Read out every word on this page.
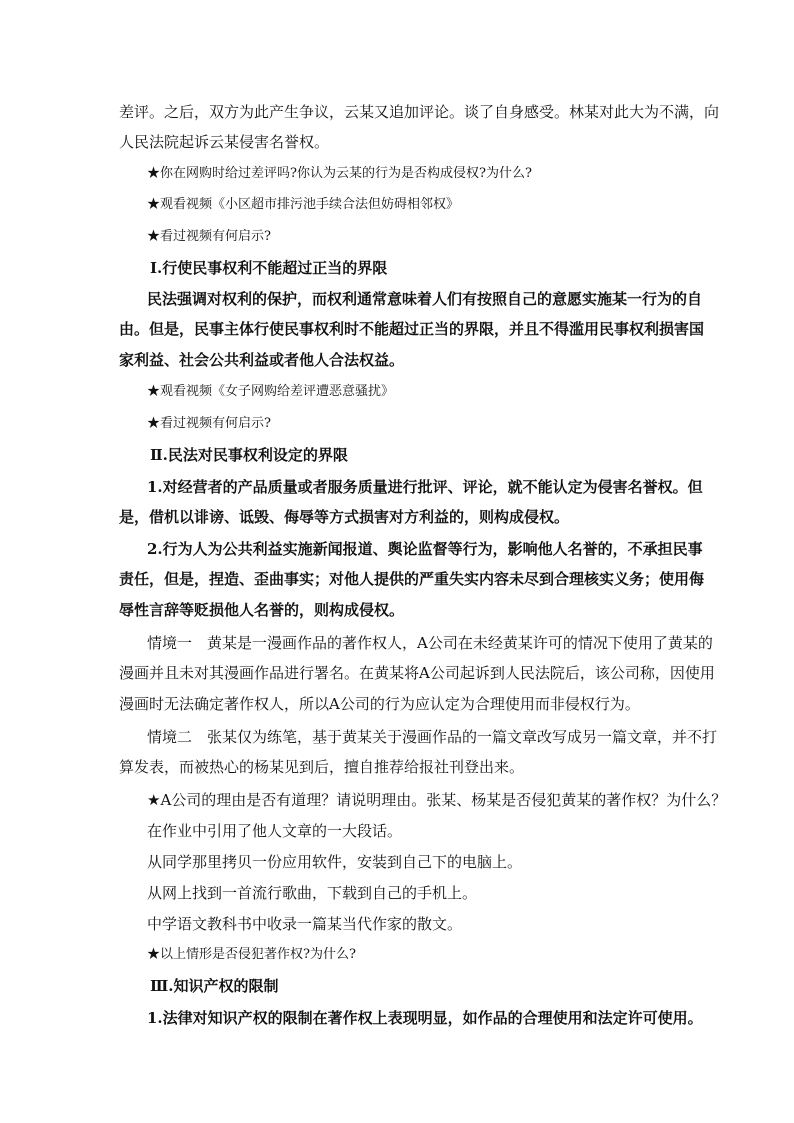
差评。之后，双方为此产生争议，云某又追加评论。谈了自身感受。林某对此大为不满，向
人民法院起诉云某侵害名誉权。
★你在网购时给过差评吗?你认为云某的行为是否构成侵权?为什么?
★观看视频《小区超市排污池手续合法但妨碍相邻权》
★看过视频有何启示?
Ⅰ.行使民事权利不能超过正当的界限
民法强调对权利的保护，而权利通常意味着人们有按照自己的意愿实施某一行为的自
由。但是，民事主体行使民事权利时不能超过正当的界限，并且不得滥用民事权利损害国
家利益、社会公共利益或者他人合法权益。
★观看视频《女子网购给差评遭恶意骚扰》
★看过视频有何启示?
Ⅱ.民法对民事权利设定的界限
1.对经营者的产品质量或者服务质量进行批评、评论，就不能认定为侵害名誉权。但
是，借机以诽谤、诋毁、侮辱等方式损害对方利益的，则构成侵权。
2.行为人为公共利益实施新闻报道、舆论监督等行为，影响他人名誉的，不承担民事
责任，但是，捏造、歪曲事实；对他人提供的严重失实内容未尽到合理核实义务；使用侮
辱性言辞等贬损他人名誉的，则构成侵权。
情境一　黄某是一漫画作品的著作权人，A公司在未经黄某许可的情况下使用了黄某的
漫画并且未对其漫画作品进行署名。在黄某将A公司起诉到人民法院后，该公司称，因使用
漫画时无法确定著作权人，所以A公司的行为应认定为合理使用而非侵权行为。
情境二　张某仅为练笔，基于黄某关于漫画作品的一篇文章改写成另一篇文章，并不打
算发表，而被热心的杨某见到后，擅自推荐给报社刊登出来。
★A公司的理由是否有道理？请说明理由。张某、杨某是否侵犯黄某的著作权？为什么？
在作业中引用了他人文章的一大段话。
从同学那里拷贝一份应用软件，安装到自己下的电脑上。
从网上找到一首流行歌曲，下载到自己的手机上。
中学语文教科书中收录一篇某当代作家的散文。
★以上情形是否侵犯著作权?为什么?
Ⅲ.知识产权的限制
1.法律对知识产权的限制在著作权上表现明显，如作品的合理使用和法定许可使用。
